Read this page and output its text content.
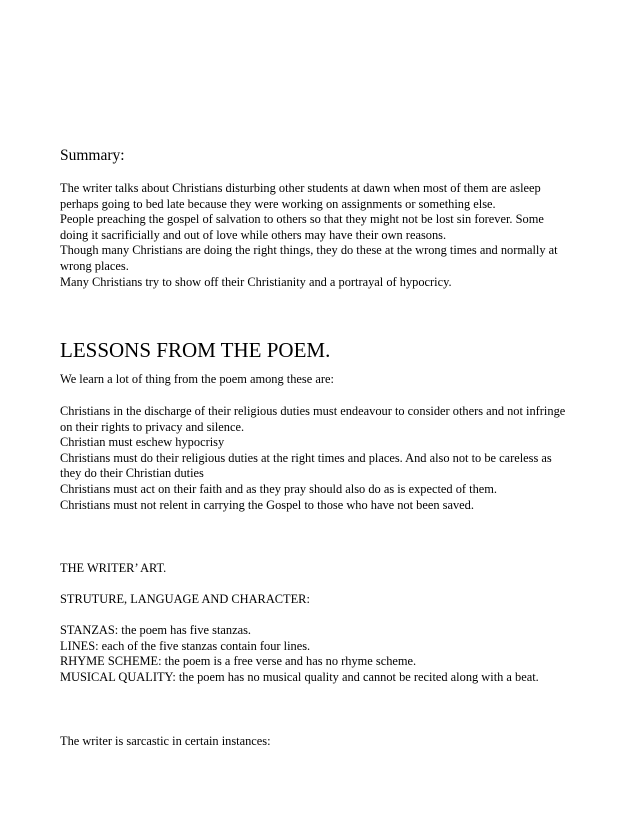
Summary:
The writer talks about Christians disturbing other students at dawn when most of them are asleep
perhaps going to bed late because they were working on assignments or something else.
People preaching the gospel of salvation to others so that they might not be lost sin forever. Some
doing it sacrificially and out of love while others may have their own reasons.
Though many Christians are doing the right things, they do these at the wrong times and normally at
wrong places.
Many Christians try to show off their Christianity and a portrayal of hypocricy.
LESSONS FROM THE POEM.
We learn a lot of thing from the poem among these are:
Christians in the discharge of their religious duties must endeavour to consider others and not infringe
on their rights to privacy and silence.
Christian must eschew hypocrisy
Christians must do their religious duties at the right times and places. And also not to be careless as
they do their Christian duties
Christians must act on their faith and as they pray should also do as is expected of them.
Christians must not relent in carrying the Gospel to those who have not been saved.
THE WRITER’ ART.
STRUTURE, LANGUAGE AND CHARACTER:
STANZAS: the poem has five stanzas.
LINES: each of the five stanzas contain four lines.
RHYME SCHEME: the poem is a free verse and has no rhyme scheme.
MUSICAL QUALITY: the poem has no musical quality and cannot be recited along with a beat.
The writer is sarcastic in certain instances:
